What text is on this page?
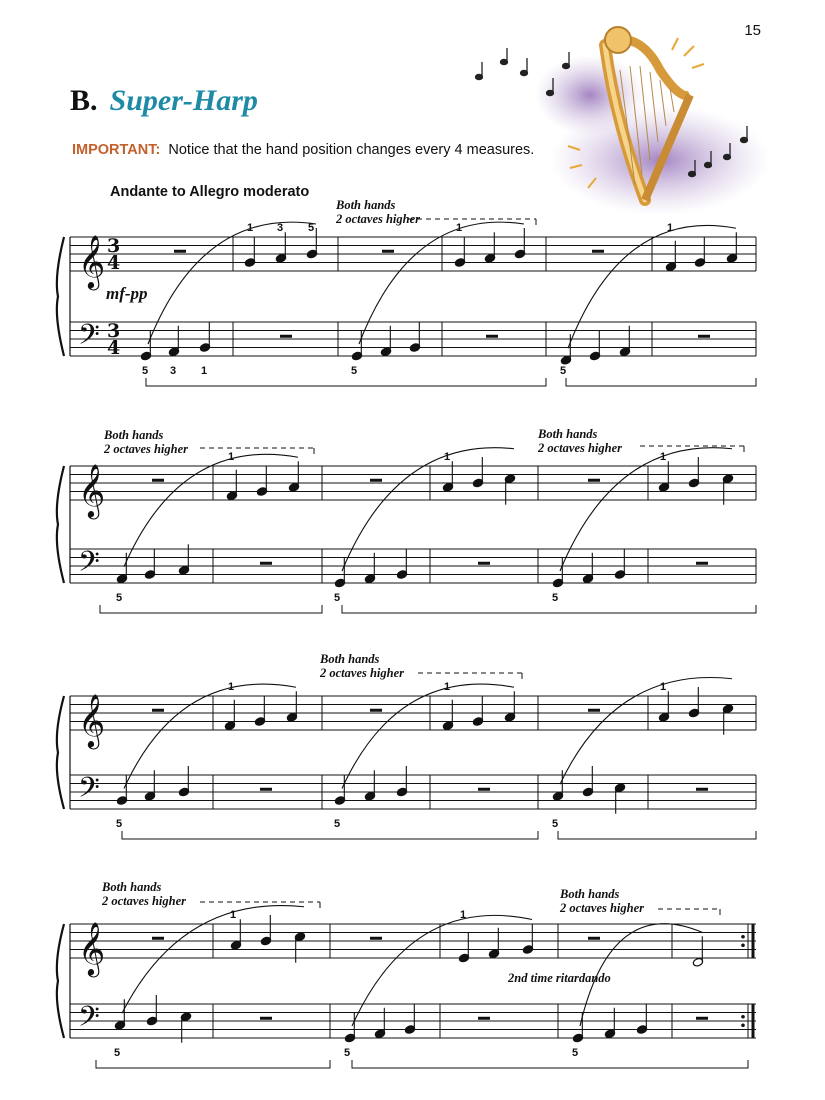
15
B. Super-Harp
IMPORTANT: Notice that the hand position changes every 4 measures.
Andante to Allegro moderato
mf-pp
Both hands
2 octaves higher
Both hands
2 octaves higher
Both hands
2 octaves higher
Both hands
2 octaves higher
Both hands
2 octaves higher	Both hands
2 octaves higher
2nd time ritardando
𝄞
𝄢
3
4
3
4
5	5	5
1	1	1
3 1
3 5
𝄞
𝄢
5	5	5
1	1	1
𝄞
𝄢
5	5	5
1	1	1
𝄞
𝄢
5	5	5
1	1
